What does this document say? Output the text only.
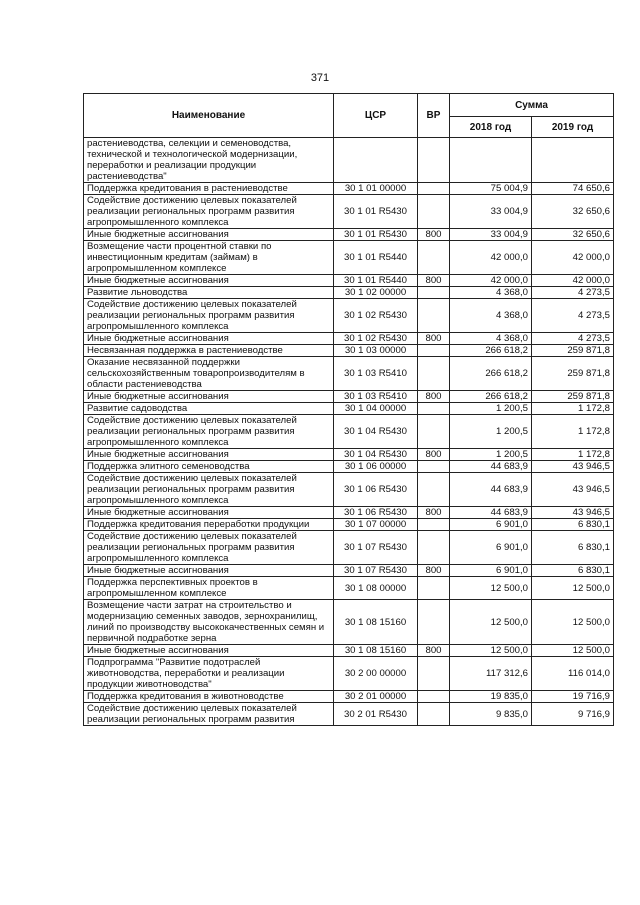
371
Наименование	ЦСР	ВР	Сумма	
			2018 год	2019 год
растениеводства, селекции и семеноводства, технической и технологической модернизации, переработки и реализации продукции растениеводства"				
Поддержка кредитования в растениеводстве	30 1 01 00000		75 004,9	74 650,6
Содействие достижению целевых показателей реализации региональных программ развития агропромышленного комплекса	30 1 01 R5430		33 004,9	32 650,6
Иные бюджетные ассигнования	30 1 01 R5430	800	33 004,9	32 650,6
Возмещение части процентной ставки по инвестиционным кредитам (займам) в агропромышленном комплексе	30 1 01 R5440		42 000,0	42 000,0
Иные бюджетные ассигнования	30 1 01 R5440	800	42 000,0	42 000,0
Развитие льноводства	30 1 02 00000		4 368,0	4 273,5
Содействие достижению целевых показателей реализации региональных программ развития агропромышленного комплекса	30 1 02 R5430		4 368,0	4 273,5
Иные бюджетные ассигнования	30 1 02 R5430	800	4 368,0	4 273,5
Несвязанная поддержка в растениеводстве	30 1 03 00000		266 618,2	259 871,8
Оказание несвязанной поддержки сельскохозяйственным товаропроизводителям в области растениеводства	30 1 03 R5410		266 618,2	259 871,8
Иные бюджетные ассигнования	30 1 03 R5410	800	266 618,2	259 871,8
Развитие садоводства	30 1 04 00000		1 200,5	1 172,8
Содействие достижению целевых показателей реализации региональных программ развития агропромышленного комплекса	30 1 04 R5430		1 200,5	1 172,8
Иные бюджетные ассигнования	30 1 04 R5430	800	1 200,5	1 172,8
Поддержка элитного семеноводства	30 1 06 00000		44 683,9	43 946,5
Содействие достижению целевых показателей реализации региональных программ развития агропромышленного комплекса	30 1 06 R5430		44 683,9	43 946,5
Иные бюджетные ассигнования	30 1 06 R5430	800	44 683,9	43 946,5
Поддержка кредитования переработки продукции	30 1 07 00000		6 901,0	6 830,1
Содействие достижению целевых показателей реализации региональных программ развития агропромышленного комплекса	30 1 07 R5430		6 901,0	6 830,1
Иные бюджетные ассигнования	30 1 07 R5430	800	6 901,0	6 830,1
Поддержка перспективных проектов в агропромышленном комплексе	30 1 08 00000		12 500,0	12 500,0
Возмещение части затрат на строительство и модернизацию семенных заводов, зернохранилищ, линий по производству высококачественных семян и первичной подработке зерна	30 1 08 15160		12 500,0	12 500,0
Иные бюджетные ассигнования	30 1 08 15160	800	12 500,0	12 500,0
Подпрограмма "Развитие подотраслей животноводства, переработки и реализации продукции животноводства"	30 2 00 00000		117 312,6	116 014,0
Поддержка кредитования в животноводстве	30 2 01 00000		19 835,0	19 716,9
Содействие достижению целевых показателей реализации региональных программ развития	30 2 01 R5430		9 835,0	9 716,9
